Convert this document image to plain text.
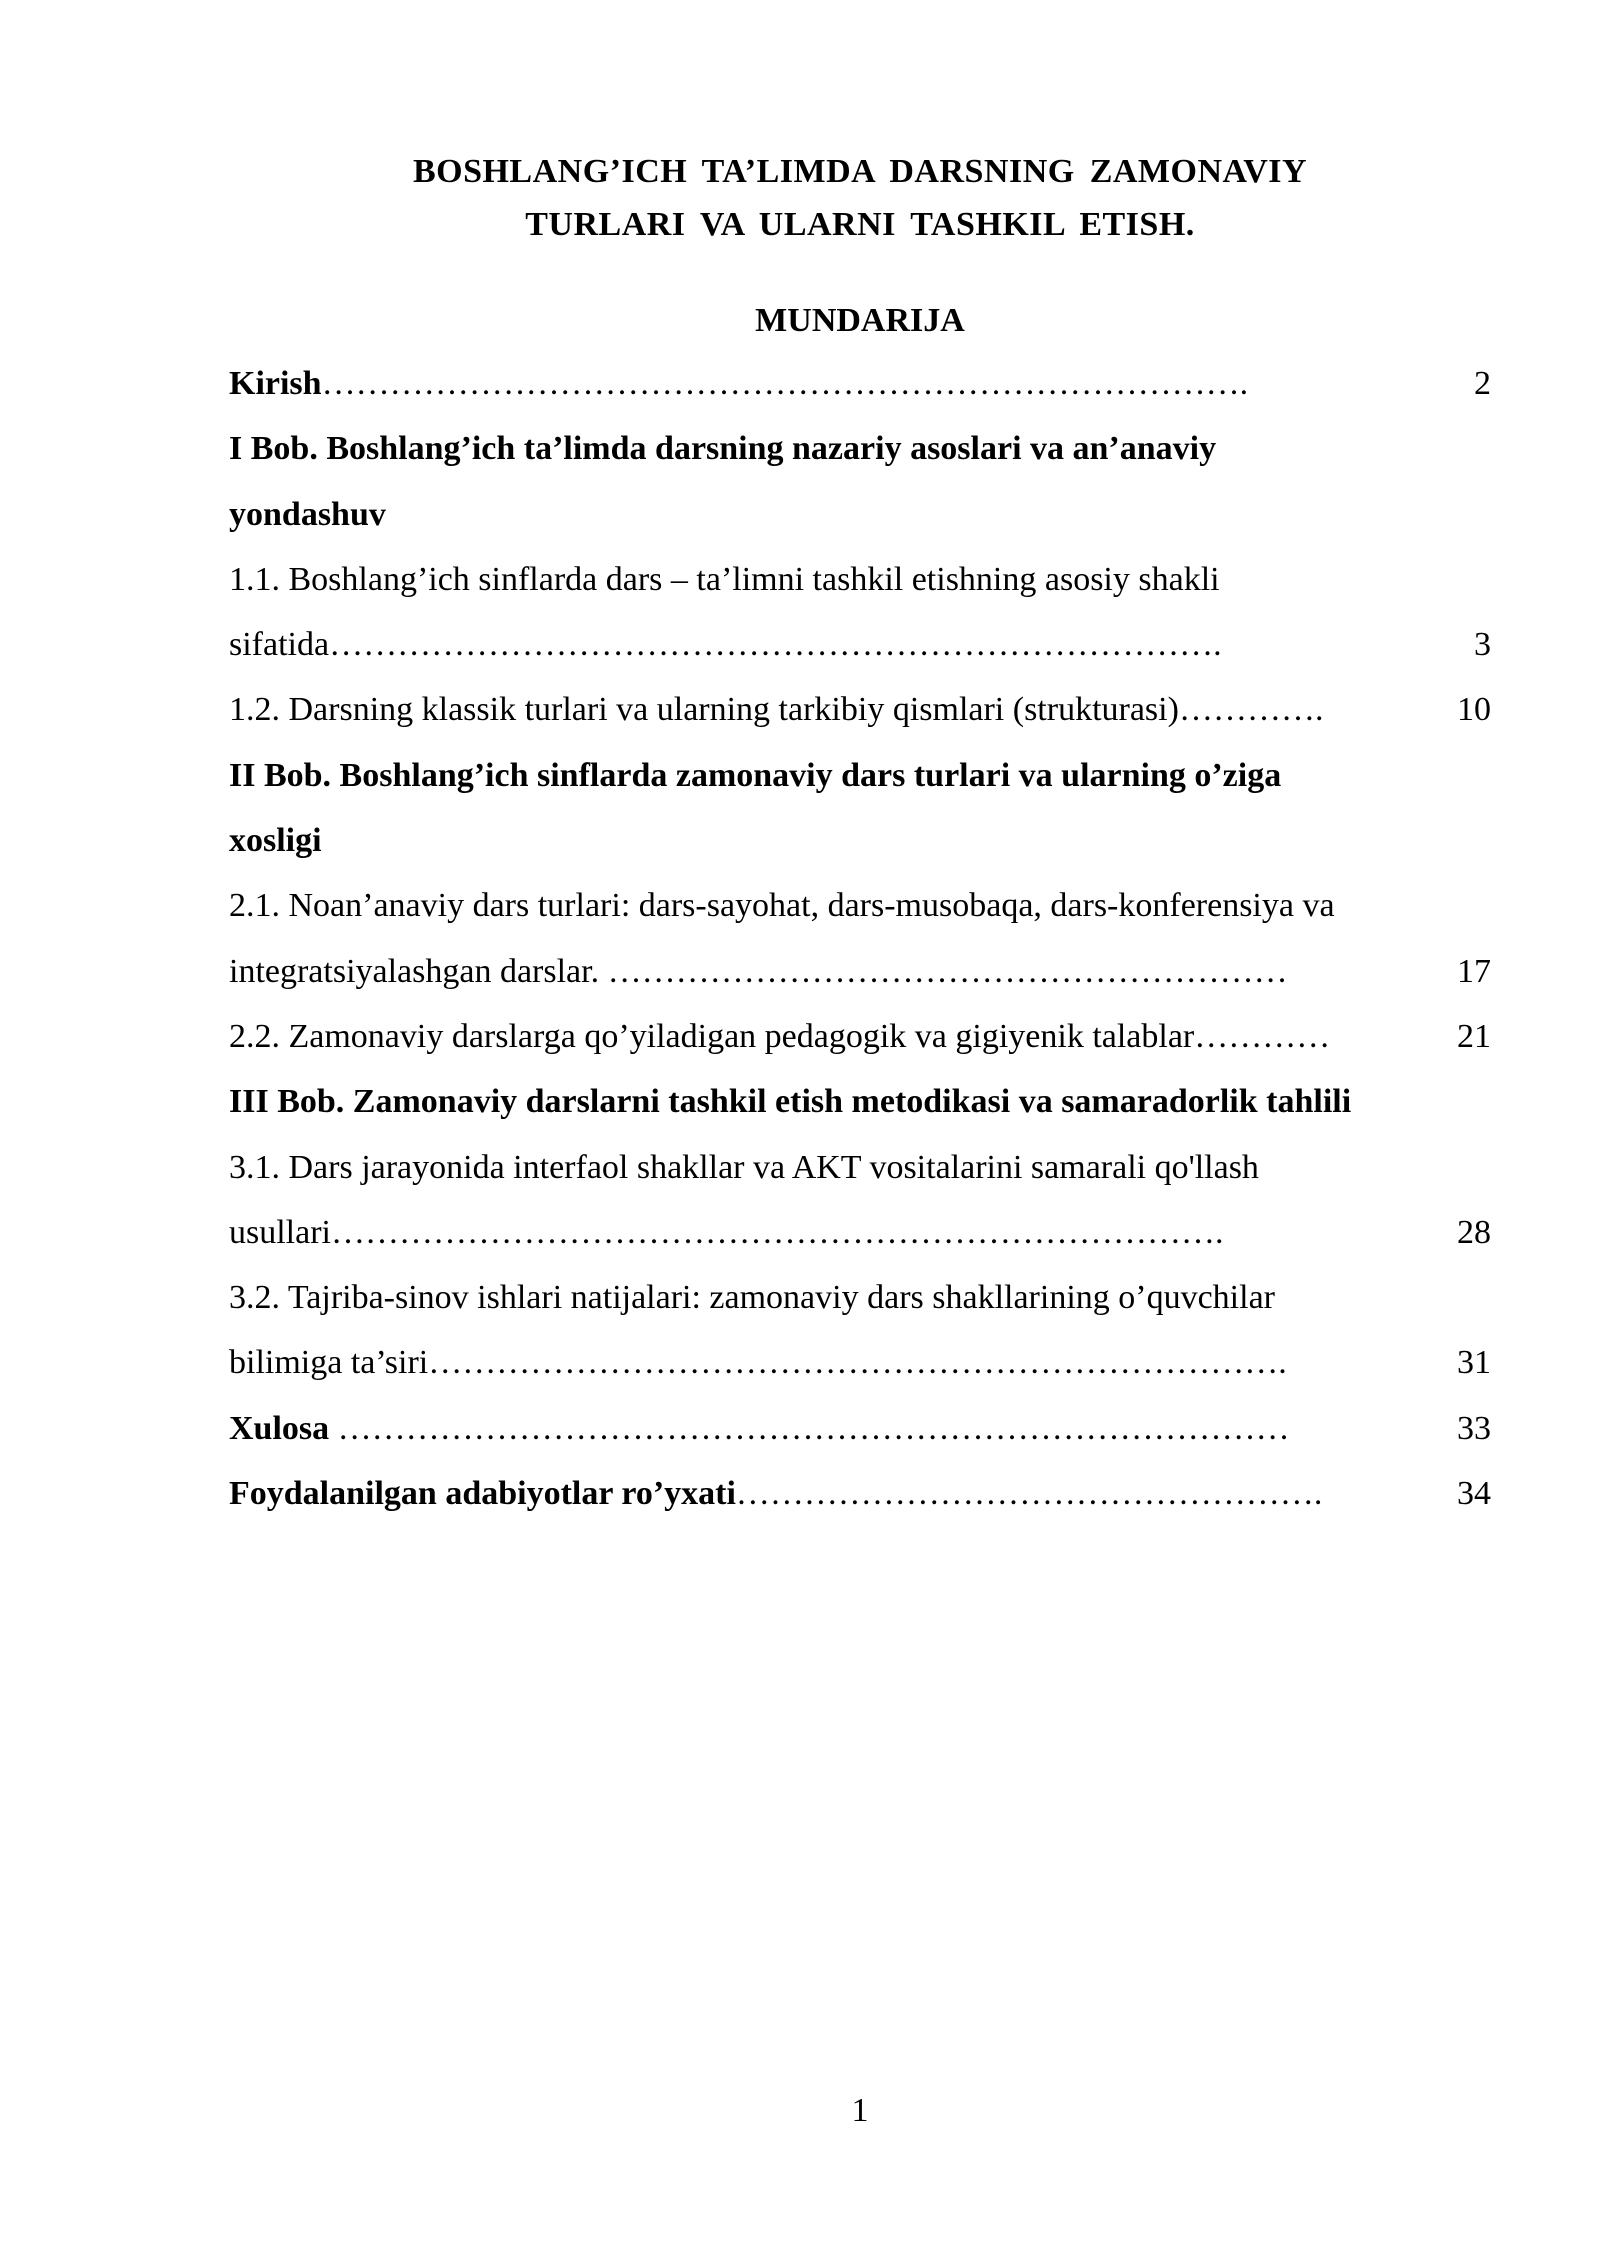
BOSHLANG’ICH TA’LIMDA DARSNING ZAMONAVIY
TURLARI VA ULARNI TASHKIL ETISH.
MUNDARIJA
Kirish ……………………………………………………………………….	2
I Bob. Boshlang’ich ta’limda darsning nazariy asoslari va an’anaviy
yondashuv
1.1. Boshlang’ich sinflarda dars – ta’limni tashkil etishning asosiy shakli
sifatida …………………………………………………………………….	3
1.2. Darsning klassik turlari va ularning tarkibiy qismlari (strukturasi) ………….	10
II Bob. Boshlang’ich sinflarda zamonaviy dars turlari va ularning o’ziga
xosligi
2.1. Noan’anaviy dars turlari: dars-sayohat, dars-musobaqa, dars-konferensiya va
integratsiyalashgan darslar. ……………………………………………………	17
2.2. Zamonaviy darslarga qo’yiladigan pedagogik va gigiyenik talablar …………	21
III Bob. Zamonaviy darslarni tashkil etish metodikasi va samaradorlik tahlili
3.1. Dars jarayonida interfaol shakllar va AKT vositalarini samarali qo'llash
usullari …………………………………………………………………….	28
3.2. Tajriba-sinov ishlari natijalari: zamonaviy dars shakllarining o’quvchilar
bilimiga ta’siri ………………………………………………………………….	31
Xulosa …………………………………………………………………………	33
Foydalanilgan adabiyotlar ro’yxati …………………………………………….	34
1
